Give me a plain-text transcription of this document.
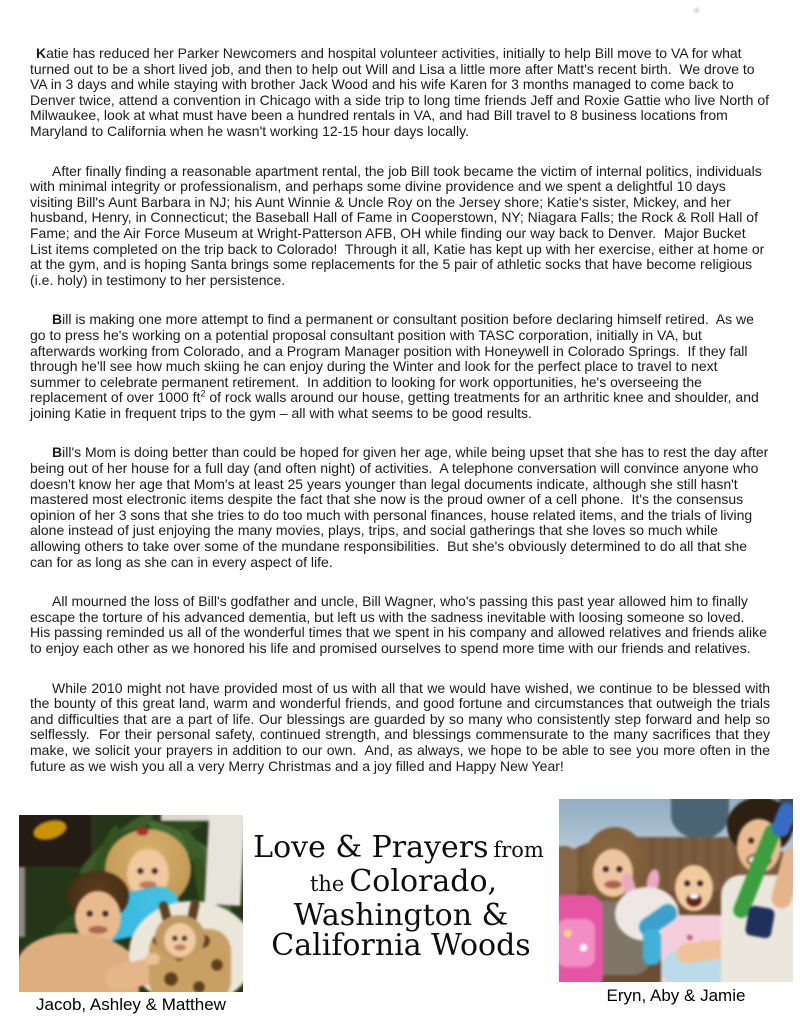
Katie has reduced her Parker Newcomers and hospital volunteer activities, initially to help Bill move to VA for what turned out to be a short lived job, and then to help out Will and Lisa a little more after Matt's recent birth.  We drove to VA in 3 days and while staying with brother Jack Wood and his wife Karen for 3 months managed to come back to Denver twice, attend a convention in Chicago with a side trip to long time friends Jeff and Roxie Gattie who live North of Milwaukee, look at what must have been a hundred rentals in VA, and had Bill travel to 8 business locations from Maryland to California when he wasn't working 12-15 hour days locally.

After finally finding a reasonable apartment rental, the job Bill took became the victim of internal politics, individuals with minimal integrity or professionalism, and perhaps some divine providence and we spent a delightful 10 days visiting Bill's Aunt Barbara in NJ; his Aunt Winnie & Uncle Roy on the Jersey shore; Katie's sister, Mickey, and her husband, Henry, in Connecticut; the Baseball Hall of Fame in Cooperstown, NY; Niagara Falls; the Rock & Roll Hall of Fame; and the Air Force Museum at Wright-Patterson AFB, OH while finding our way back to Denver.  Major Bucket List items completed on the trip back to Colorado!  Through it all, Katie has kept up with her exercise, either at home or at the gym, and is hoping Santa brings some replacements for the 5 pair of athletic socks that have become religious (i.e. holy) in testimony to her persistence.

Bill is making one more attempt to find a permanent or consultant position before declaring himself retired.  As we go to press he's working on a potential proposal consultant position with TASC corporation, initially in VA, but afterwards working from Colorado, and a Program Manager position with Honeywell in Colorado Springs.  If they fall through he'll see how much skiing he can enjoy during the Winter and look for the perfect place to travel to next summer to celebrate permanent retirement.  In addition to looking for work opportunities, he's overseeing the replacement of over 1000 $ft^2$ of rock walls around our house, getting treatments for an arthritic knee and shoulder, and joining Katie in frequent trips to the gym – all with what seems to be good results.

Bill's Mom is doing better than could be hoped for given her age, while being upset that she has to rest the day after being out of her house for a full day (and often night) of activities.  A telephone conversation will convince anyone who doesn't know her age that Mom's at least 25 years younger than legal documents indicate, although she still hasn't mastered most electronic items despite the fact that she now is the proud owner of a cell phone.  It's the consensus opinion of her 3 sons that she tries to do too much with personal finances, house related items, and the trials of living alone instead of just enjoying the many movies, plays, trips, and social gatherings that she loves so much while allowing others to take over some of the mundane responsibilities.  But she's obviously determined to do all that she can for as long as she can in every aspect of life.

All mourned the loss of Bill's godfather and uncle, Bill Wagner, who's passing this past year allowed him to finally escape the torture of his advanced dementia, but left us with the sadness inevitable with loosing someone so loved.  His passing reminded us all of the wonderful times that we spent in his company and allowed relatives and friends alike to enjoy each other as we honored his life and promised ourselves to spend more time with our friends and relatives.

While 2010 might not have provided most of us with all that we would have wished, we continue to be blessed with the bounty of this great land, warm and wonderful friends, and good fortune and circumstances that outweigh the trials and difficulties that are a part of life. Our blessings are guarded by so many who consistently step forward and help so selflessly.  For their personal safety, continued strength, and blessings commensurate to the many sacrifices that they make, we solicit your prayers in addition to our own.  And, as always, we hope to be able to see you more often in the future as we wish you all a very Merry Christmas and a joy filled and Happy New Year!

Jacob, Ashley & Matthew
Love & Prayers from
the Colorado,
Washington &
California Woods
Eryn, Aby & Jamie
